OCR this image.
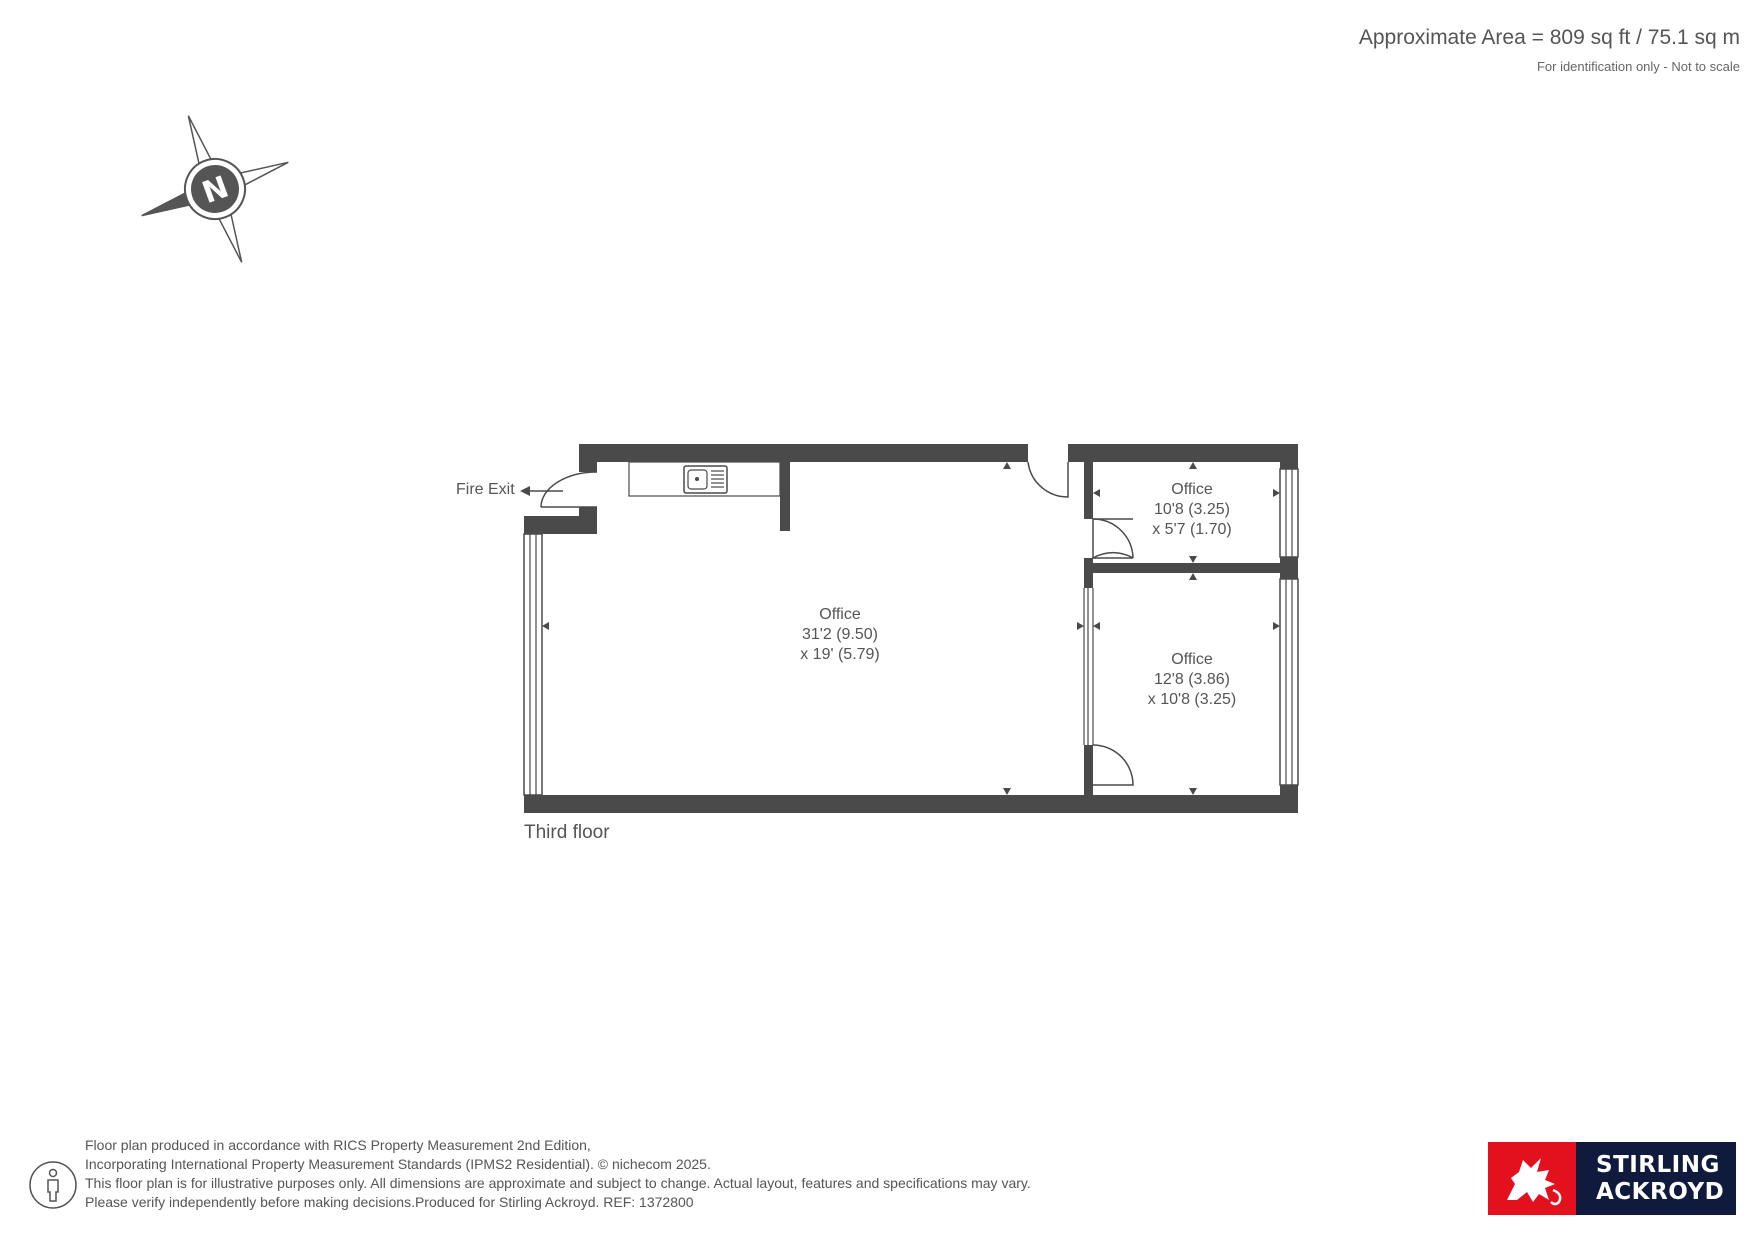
Approximate Area = 809 sq ft / 75.1 sq m
For identification only - Not to scale
N
Fire Exit
Office
31'2 (9.50)
x 19' (5.79)
Office
10'8 (3.25)
x 5'7 (1.70)
Office
12'8 (3.86)
x 10'8 (3.25)
Third floor
Floor plan produced in accordance with RICS Property Measurement 2nd Edition,
Incorporating International Property Measurement Standards (IPMS2 Residential). © nichecom 2025.
This floor plan is for illustrative purposes only. All dimensions are approximate and subject to change. Actual layout, features and specifications may vary.
Please verify independently before making decisions.Produced for Stirling Ackroyd. REF: 1372800
STIRLING
ACKROYD
